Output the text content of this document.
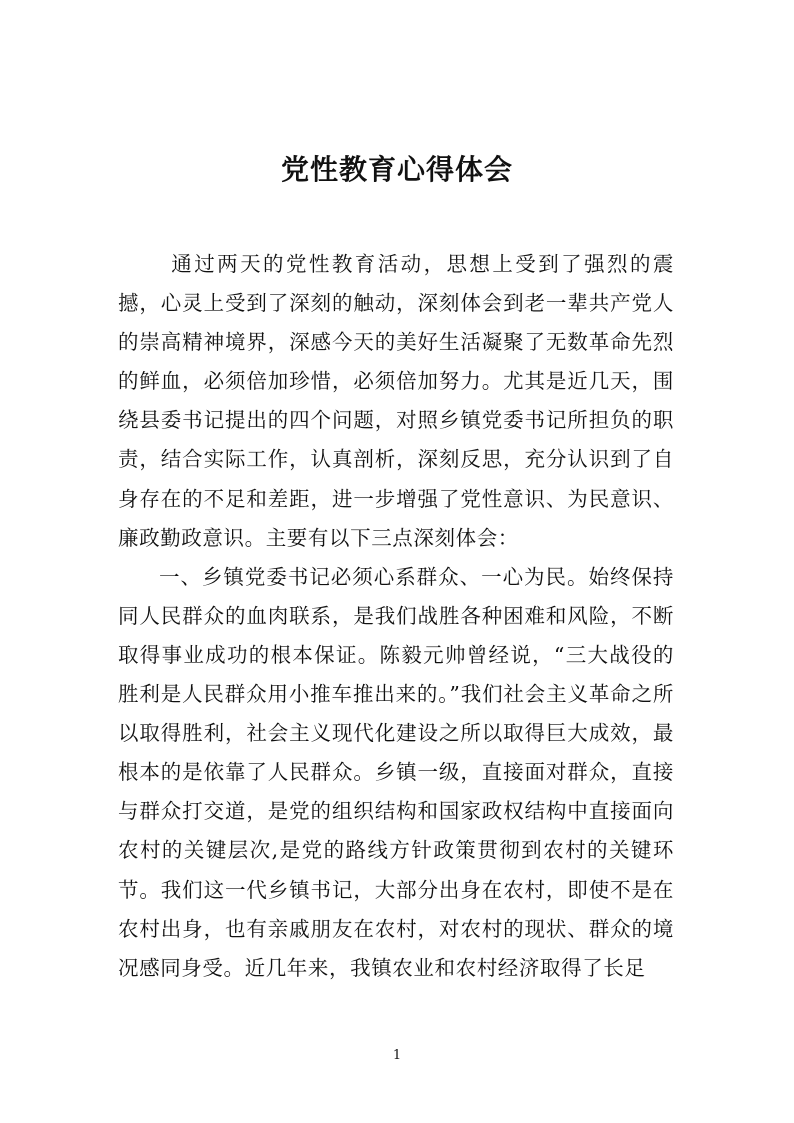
党性教育心得体会

通过两天的党性教育活动，思想上受到了强烈的震撼，心灵上受到了深刻的触动，深刻体会到老一辈共产党人的崇高精神境界，深感今天的美好生活凝聚了无数革命先烈的鲜血，必须倍加珍惜，必须倍加努力。尤其是近几天，围绕县委书记提出的四个问题，对照乡镇党委书记所担负的职责，结合实际工作，认真剖析，深刻反思，充分认识到了自身存在的不足和差距，进一步增强了党性意识、为民意识、廉政勤政意识。主要有以下三点深刻体会：

一、乡镇党委书记必须心系群众、一心为民。始终保持同人民群众的血肉联系，是我们战胜各种困难和风险，不断取得事业成功的根本保证。陈毅元帅曾经说，“三大战役的胜利是人民群众用小推车推出来的。”我们社会主义革命之所以取得胜利，社会主义现代化建设之所以取得巨大成效，最根本的是依靠了人民群众。乡镇一级，直接面对群众，直接与群众打交道，是党的组织结构和国家政权结构中直接面向农村的关键层次,是党的路线方针政策贯彻到农村的关键环节。我们这一代乡镇书记，大部分出身在农村，即使不是在农村出身，也有亲戚朋友在农村，对农村的现状、群众的境况感同身受。近几年来，我镇农业和农村经济取得了长足

1
